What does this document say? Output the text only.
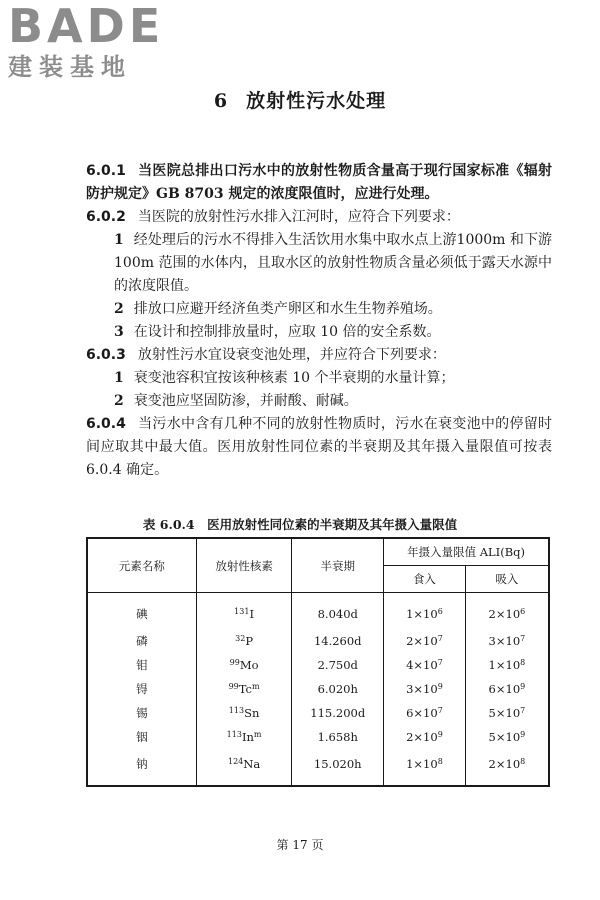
BADE
建装基地
6 放射性污水处理

6.0.1 当医院总排出口污水中的放射性物质含量高于现行国家标准《辐射防护规定》GB 8703 规定的浓度限值时，应进行处理。

6.0.2 当医院的放射性污水排入江河时，应符合下列要求：

1 经处理后的污水不得排入生活饮用水集中取水点上游1000m 和下游 100m 范围的水体内，且取水区的放射性物质含量必须低于露天水源中的浓度限值。

2 排放口应避开经济鱼类产卵区和水生生物养殖场。

3 在设计和控制排放量时，应取 10 倍的安全系数。

6.0.3 放射性污水宜设衰变池处理，并应符合下列要求：

1 衰变池容积宜按该种核素 10 个半衰期的水量计算；

2 衰变池应坚固防渗，并耐酸、耐碱。

6.0.4 当污水中含有几种不同的放射性物质时，污水在衰变池中的停留时间应取其中最大值。医用放射性同位素的半衰期及其年摄入量限值可按表 6.0.4 确定。

表 6.0.4　医用放射性同位素的半衰期及其年摄入量限值
元素名称	放射性核素	半衰期	年摄入量限值 ALI(Bq)	
			食入	吸入
碘	$^{131}$I	8.040d	$1\times 10^6$	$2\times 10^6$
磷	$^{32}$P	14.260d	$2\times 10^7$	$3\times 10^7$
钼	$^{99}$Mo	2.750d	$4\times 10^7$	$1\times 10^8$
锝	$^{99}$Tc$^m$	6.020h	$3\times 10^9$	$6\times 10^9$
锡	$^{113}$Sn	115.200d	$6\times 10^7$	$5\times 10^7$
铟	$^{113}$In$^m$	1.658h	$2\times 10^9$	$5\times 10^9$
钠	$^{124}$Na	15.020h	$1\times 10^8$	$2\times 10^8$
第 17 页
